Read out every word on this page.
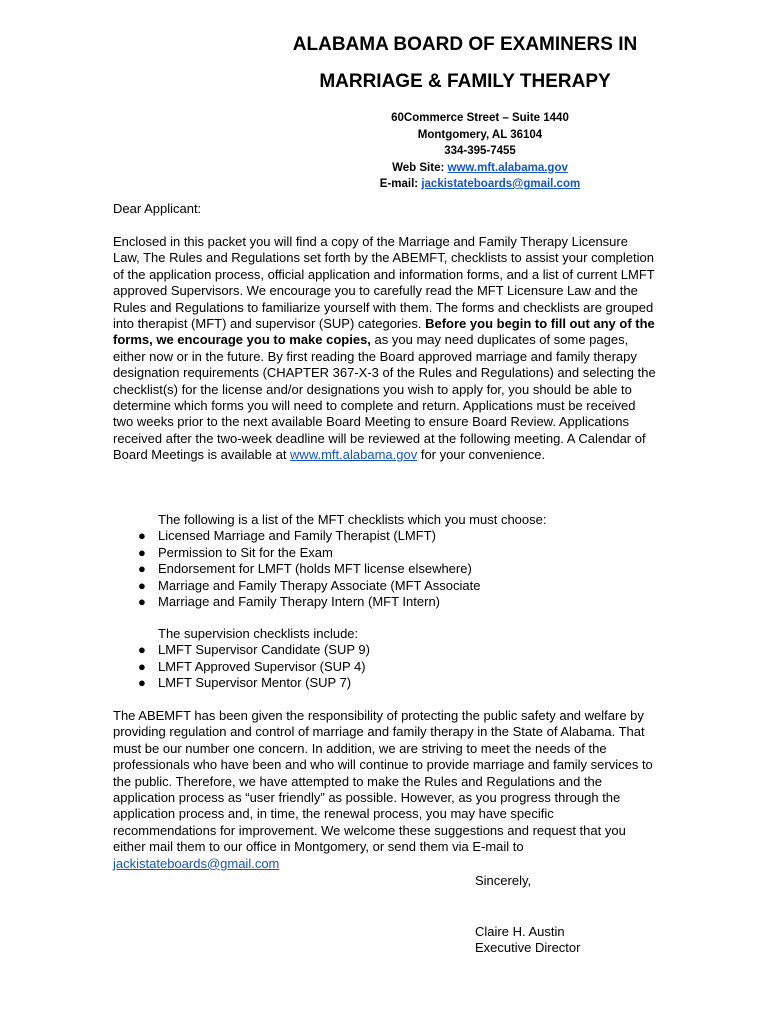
ALABAMA BOARD OF EXAMINERS IN
MARRIAGE & FAMILY THERAPY
60Commerce Street – Suite 1440
Montgomery, AL 36104
334-395-7455
Web Site: www.mft.alabama.gov
E-mail: jackistateboards@gmail.com
Dear Applicant:
Enclosed in this packet you will find a copy of the Marriage and Family Therapy Licensure Law, The Rules and Regulations set forth by the ABEMFT, checklists to assist your completion of the application process, official application and information forms, and a list of current LMFT approved Supervisors. We encourage you to carefully read the MFT Licensure Law and the Rules and Regulations to familiarize yourself with them. The forms and checklists are grouped into therapist (MFT) and supervisor (SUP) categories. Before you begin to fill out any of the forms, we encourage you to make copies, as you may need duplicates of some pages, either now or in the future. By first reading the Board approved marriage and family therapy designation requirements (CHAPTER 367-X-3 of the Rules and Regulations) and selecting the checklist(s) for the license and/or designations you wish to apply for, you should be able to determine which forms you will need to complete and return. Applications must be received two weeks prior to the next available Board Meeting to ensure Board Review. Applications received after the two-week deadline will be reviewed at the following meeting. A Calendar of Board Meetings is available at www.mft.alabama.gov for your convenience.
The following is a list of the MFT checklists which you must choose:
● Licensed Marriage and Family Therapist (LMFT)
● Permission to Sit for the Exam
● Endorsement for LMFT (holds MFT license elsewhere)
● Marriage and Family Therapy Associate (MFT Associate
● Marriage and Family Therapy Intern (MFT Intern)
The supervision checklists include:
● LMFT Supervisor Candidate (SUP 9)
● LMFT Approved Supervisor (SUP 4)
● LMFT Supervisor Mentor (SUP 7)
The ABEMFT has been given the responsibility of protecting the public safety and welfare by providing regulation and control of marriage and family therapy in the State of Alabama. That must be our number one concern. In addition, we are striving to meet the needs of the professionals who have been and who will continue to provide marriage and family services to the public. Therefore, we have attempted to make the Rules and Regulations and the application process as “user friendly” as possible. However, as you progress through the application process and, in time, the renewal process, you may have specific recommendations for improvement. We welcome these suggestions and request that you either mail them to our office in Montgomery, or send them via E-mail to
jackistateboards@gmail.com
Sincerely,
Claire H. Austin
Executive Director
